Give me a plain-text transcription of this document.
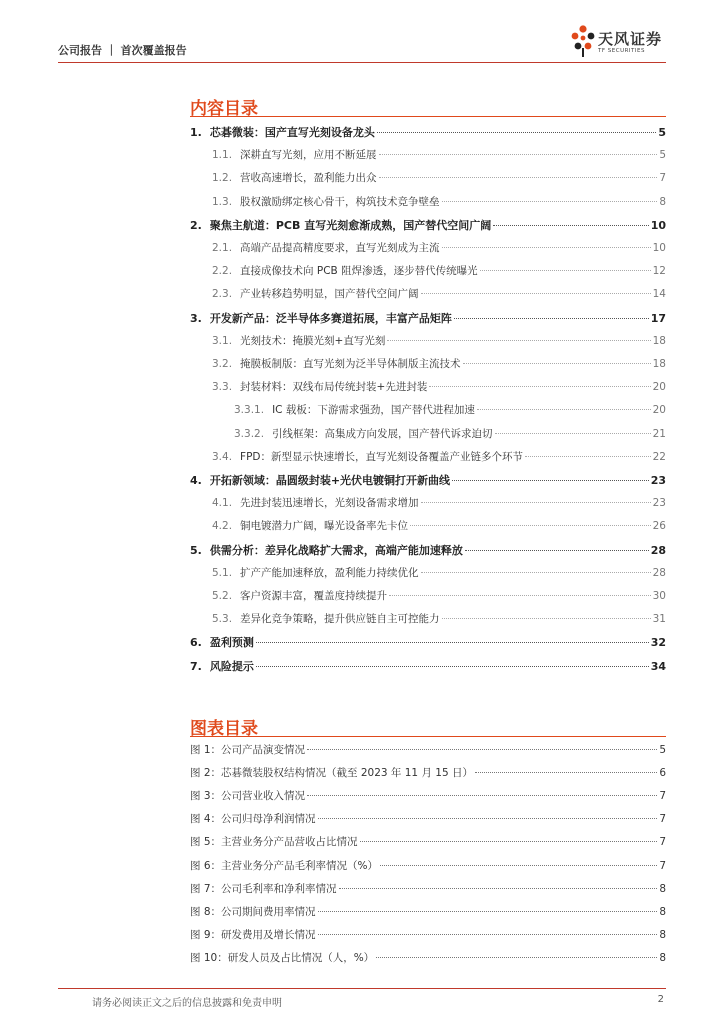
公司报告 ｜ 首次覆盖报告
天风证券
TF SECURITIES
内容目录
1. 芯碁微装：国产直写光刻设备龙头	5
1.1. 深耕直写光刻，应用不断延展	5
1.2. 营收高速增长，盈利能力出众	7
1.3. 股权激励绑定核心骨干，构筑技术竞争壁垒	8
2. 聚焦主航道：PCB 直写光刻愈渐成熟，国产替代空间广阔	10
2.1. 高端产品提高精度要求，直写光刻成为主流	10
2.2. 直接成像技术向 PCB 阻焊渗透，逐步替代传统曝光	12
2.3. 产业转移趋势明显，国产替代空间广阔	14
3. 开发新产品：泛半导体多赛道拓展，丰富产品矩阵	17
3.1. 光刻技术：掩膜光刻+直写光刻	18
3.2. 掩膜板制版：直写光刻为泛半导体制版主流技术	18
3.3. 封装材料：双线布局传统封装+先进封装	20
3.3.1. IC 载板：下游需求强劲，国产替代进程加速	20
3.3.2. 引线框架：高集成方向发展，国产替代诉求迫切	21
3.4. FPD：新型显示快速增长，直写光刻设备覆盖产业链多个环节	22
4. 开拓新领域：晶圆级封装+光伏电镀铜打开新曲线	23
4.1. 先进封装迅速增长，光刻设备需求增加	23
4.2. 铜电镀潜力广阔，曝光设备率先卡位	26
5. 供需分析：差异化战略扩大需求，高端产能加速释放	28
5.1. 扩产产能加速释放，盈利能力持续优化	28
5.2. 客户资源丰富，覆盖度持续提升	30
5.3. 差异化竞争策略，提升供应链自主可控能力	31
6. 盈利预测	32
7. 风险提示	34
图表目录
图 1：公司产品演变情况	5
图 2：芯碁微装股权结构情况（截至 2023 年 11 月 15 日）	6
图 3：公司营业收入情况	7
图 4：公司归母净利润情况	7
图 5：主营业务分产品营收占比情况	7
图 6：主营业务分产品毛利率情况（%）	7
图 7：公司毛利率和净利率情况	8
图 8：公司期间费用率情况	8
图 9：研发费用及增长情况	8
图 10：研发人员及占比情况（人，%）	8
请务必阅读正文之后的信息披露和免责申明	2
